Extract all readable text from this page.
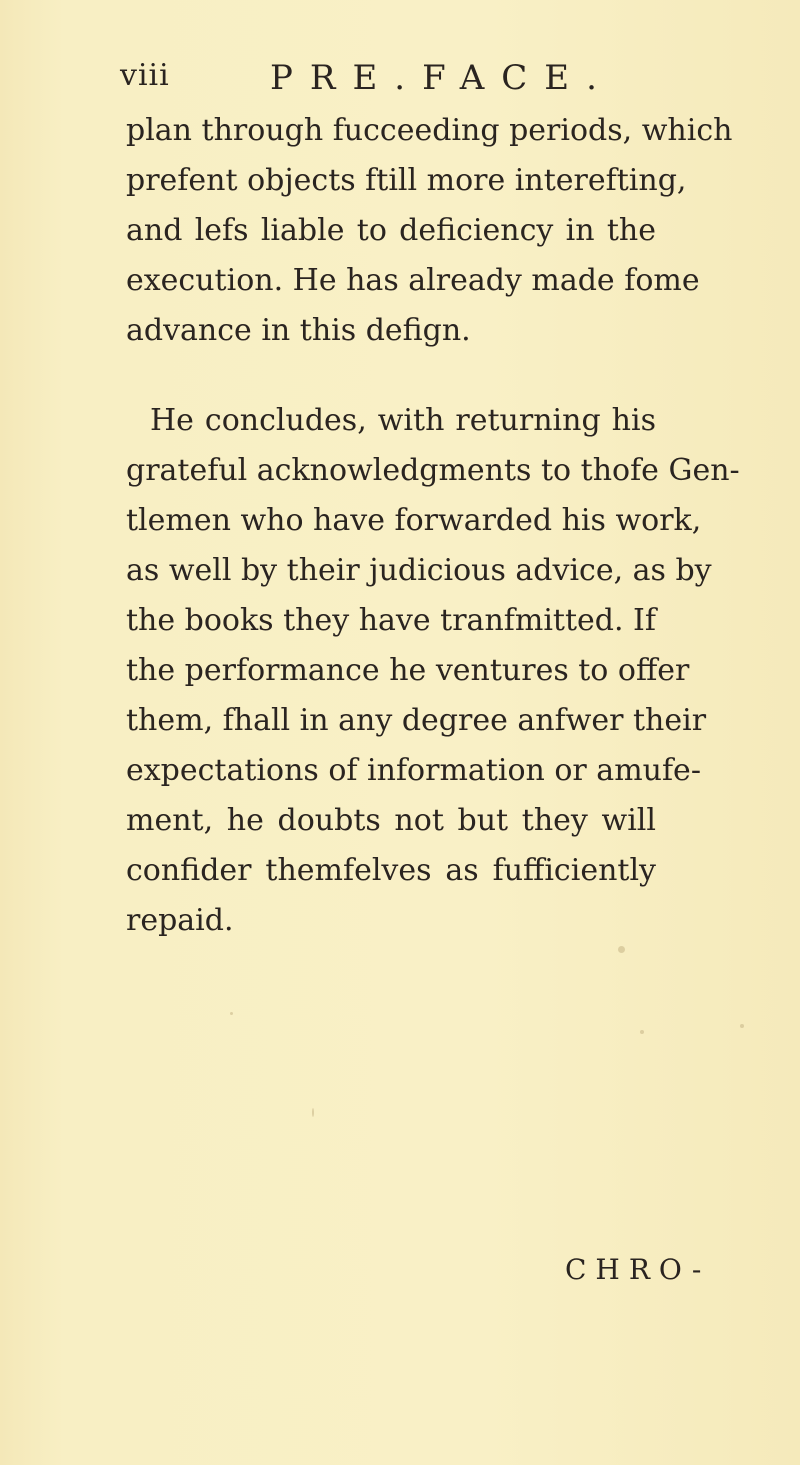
viii	PRE.FACE.

plan through fucceeding periods, which
prefent objects ftill more interefting,
and lefs liable to deficiency in the
execution. He has already made fome
advance in this defign.

He concludes, with returning his
grateful acknowledgments to thofe Gen-
tlemen who have forwarded his work,
as well by their judicious advice, as by
the books they have tranfmitted. If
the performance he ventures to offer
them, fhall in any degree anfwer their
expectations of information or amufe-
ment, he doubts not but they will
confider themfelves as fufficiently
repaid.

CHRO-
